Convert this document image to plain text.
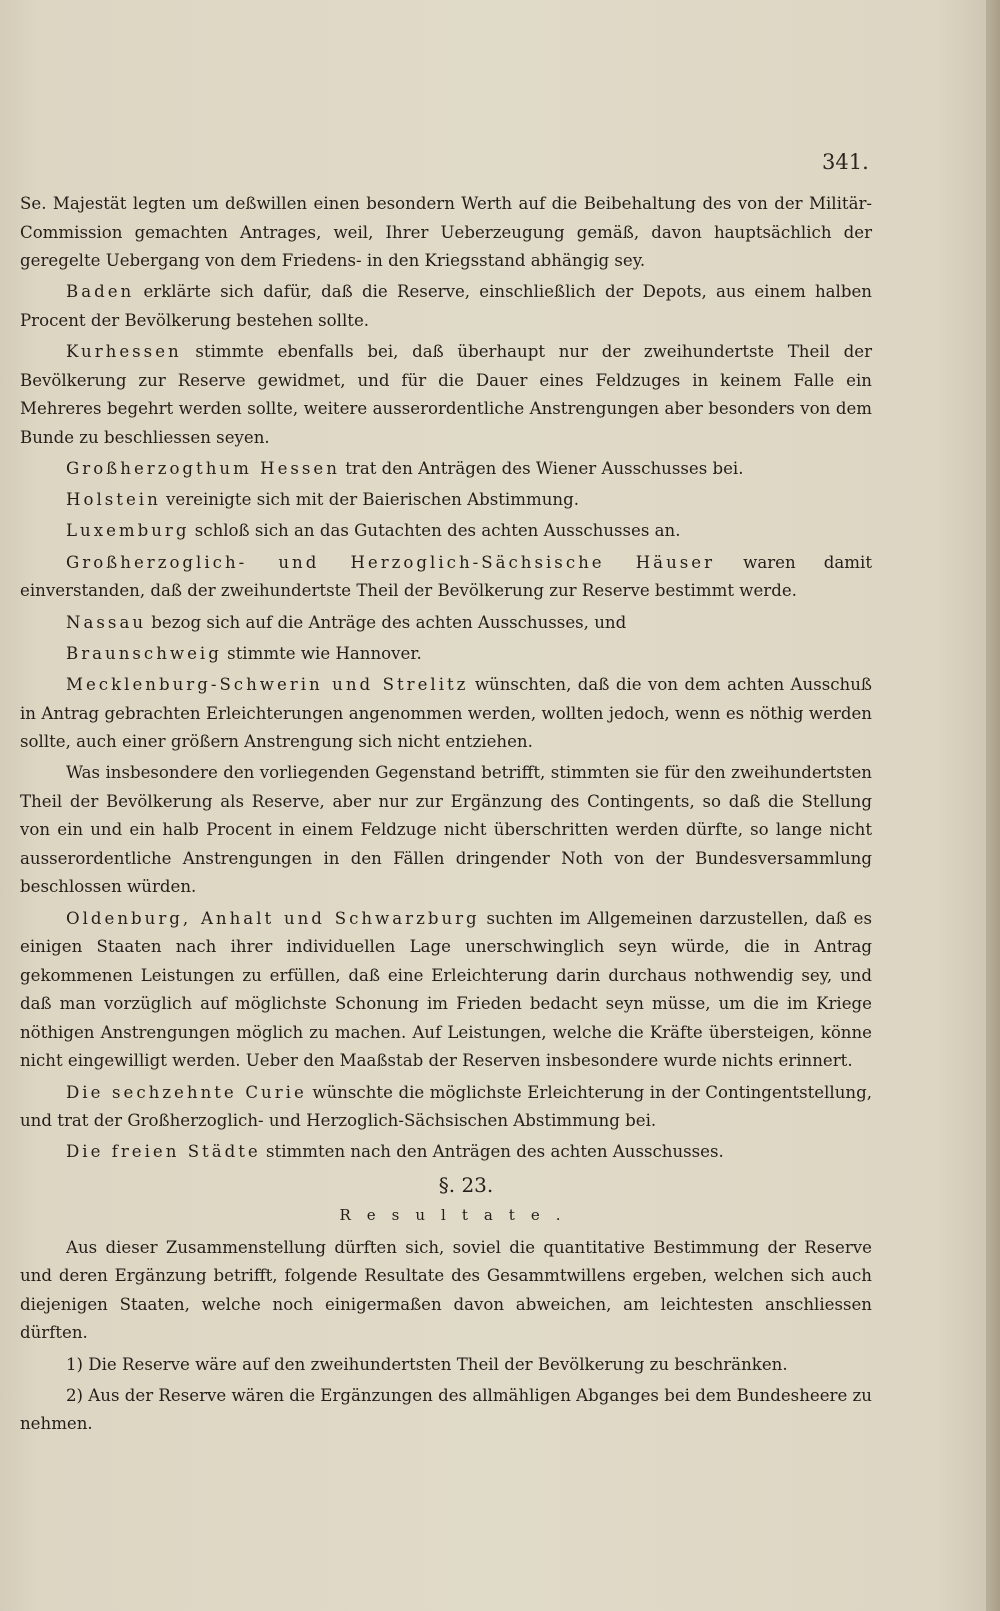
341.

Se. Majestät legten um deßwillen einen besondern Werth auf die Beibehaltung des von der Militär-Commission gemachten Antrages, weil, Ihrer Ueberzeugung gemäß, davon hauptsächlich der geregelte Uebergang von dem Friedens- in den Kriegsstand abhängig sey.

Baden erklärte sich dafür, daß die Reserve, einschließlich der Depots, aus einem halben Procent der Bevölkerung bestehen sollte.

Kurhessen stimmte ebenfalls bei, daß überhaupt nur der zweihundertste Theil der Bevölkerung zur Reserve gewidmet, und für die Dauer eines Feldzuges in keinem Falle ein Mehreres begehrt werden sollte, weitere ausserordentliche Anstrengungen aber besonders von dem Bunde zu beschliessen seyen.

Großherzogthum Hessen trat den Anträgen des Wiener Ausschusses bei.

Holstein vereinigte sich mit der Baierischen Abstimmung.

Luxemburg schloß sich an das Gutachten des achten Ausschusses an.

Großherzoglich- und Herzoglich-Sächsische Häuser waren damit einverstanden, daß der zweihundertste Theil der Bevölkerung zur Reserve bestimmt werde.

Nassau bezog sich auf die Anträge des achten Ausschusses, und

Braunschweig stimmte wie Hannover.

Mecklenburg-Schwerin und Strelitz wünschten, daß die von dem achten Ausschuß in Antrag gebrachten Erleichterungen angenommen werden, wollten jedoch, wenn es nöthig werden sollte, auch einer größern Anstrengung sich nicht entziehen.

Was insbesondere den vorliegenden Gegenstand betrifft, stimmten sie für den zweihundertsten Theil der Bevölkerung als Reserve, aber nur zur Ergänzung des Contingents, so daß die Stellung von ein und ein halb Procent in einem Feldzuge nicht überschritten werden dürfte, so lange nicht ausserordentliche Anstrengungen in den Fällen dringender Noth von der Bundesversammlung beschlossen würden.

Oldenburg, Anhalt und Schwarzburg suchten im Allgemeinen darzustellen, daß es einigen Staaten nach ihrer individuellen Lage unerschwinglich seyn würde, die in Antrag gekommenen Leistungen zu erfüllen, daß eine Erleichterung darin durchaus nothwendig sey, und daß man vorzüglich auf möglichste Schonung im Frieden bedacht seyn müsse, um die im Kriege nöthigen Anstrengungen möglich zu machen. Auf Leistungen, welche die Kräfte übersteigen, könne nicht eingewilligt werden. Ueber den Maaßstab der Reserven insbesondere wurde nichts erinnert.

Die sechzehnte Curie wünschte die möglichste Erleichterung in der Contingentstellung, und trat der Großherzoglich- und Herzoglich-Sächsischen Abstimmung bei.

Die freien Städte stimmten nach den Anträgen des achten Ausschusses.

§. 23.
Resultate.

Aus dieser Zusammenstellung dürften sich, soviel die quantitative Bestimmung der Reserve und deren Ergänzung betrifft, folgende Resultate des Gesammtwillens ergeben, welchen sich auch diejenigen Staaten, welche noch einigermaßen davon abweichen, am leichtesten anschliessen dürften.

1) Die Reserve wäre auf den zweihundertsten Theil der Bevölkerung zu beschränken.

2) Aus der Reserve wären die Ergänzungen des allmähligen Abganges bei dem Bundesheere zu nehmen.
